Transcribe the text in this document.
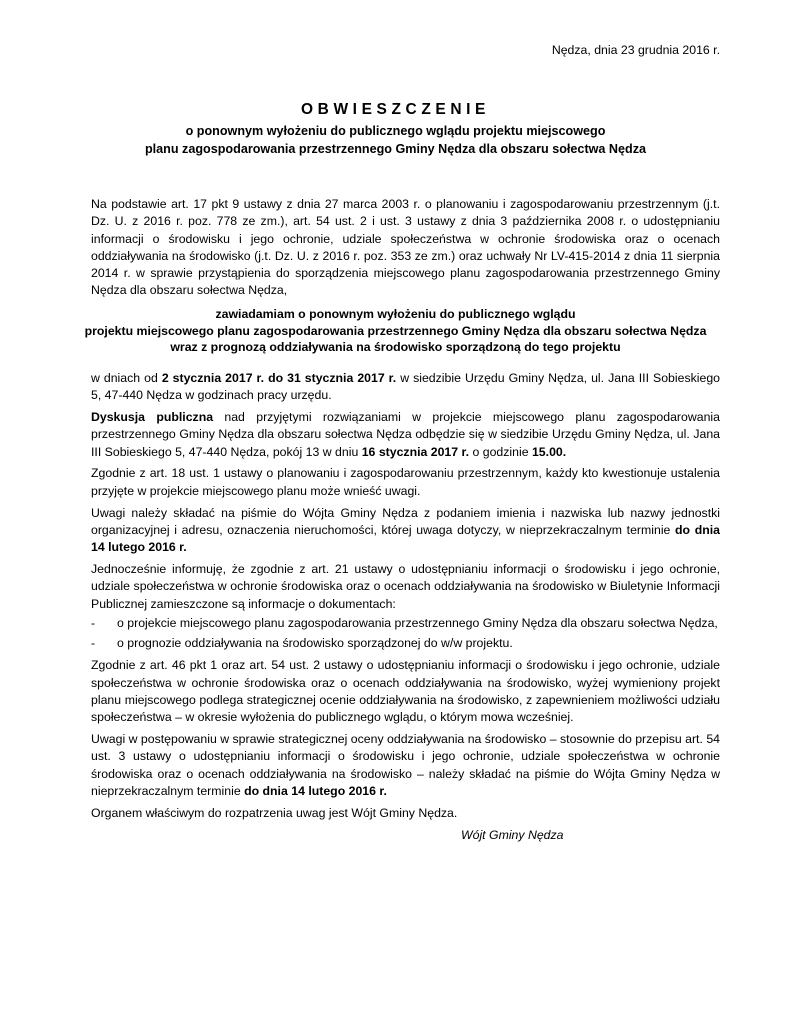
Nędza, dnia 23 grudnia 2016 r.
OBWIESZCZENIE
o ponownym wyłożeniu do publicznego wglądu projektu miejscowego
planu zagospodarowania przestrzennego Gminy Nędza dla obszaru sołectwa Nędza
Na podstawie art. 17 pkt 9 ustawy z dnia 27 marca 2003 r. o planowaniu i zagospodarowaniu przestrzennym (j.t. Dz. U. z 2016 r. poz. 778 ze zm.), art. 54 ust. 2 i ust. 3 ustawy z dnia 3 października 2008 r. o udostępnianiu informacji o środowisku i jego ochronie, udziale społeczeństwa w ochronie środowiska oraz o ocenach oddziaływania na środowisko (j.t. Dz. U. z 2016 r. poz. 353 ze zm.) oraz uchwały Nr LV-415-2014 z dnia 11 sierpnia 2014 r. w sprawie przystąpienia do sporządzenia miejscowego planu zagospodarowania przestrzennego Gminy Nędza dla obszaru sołectwa Nędza,
zawiadamiam o ponownym wyłożeniu do publicznego wglądu
projektu miejscowego planu zagospodarowania przestrzennego Gminy Nędza dla obszaru sołectwa Nędza
wraz z prognozą oddziaływania na środowisko sporządzoną do tego projektu

w dniach od 2 stycznia 2017 r. do 31 stycznia 2017 r. w siedzibie Urzędu Gminy Nędza, ul. Jana III Sobieskiego 5, 47-440 Nędza w godzinach pracy urzędu.

Dyskusja publiczna nad przyjętymi rozwiązaniami w projekcie miejscowego planu zagospodarowania przestrzennego Gminy Nędza dla obszaru sołectwa Nędza odbędzie się w siedzibie Urzędu Gminy Nędza, ul. Jana III Sobieskiego 5, 47-440 Nędza, pokój 13 w dniu 16 stycznia 2017 r. o godzinie 15.00.

Zgodnie z art. 18 ust. 1 ustawy o planowaniu i zagospodarowaniu przestrzennym, każdy kto kwestionuje ustalenia przyjęte w projekcie miejscowego planu może wnieść uwagi.

Uwagi należy składać na piśmie do Wójta Gminy Nędza z podaniem imienia i nazwiska lub nazwy jednostki organizacyjnej i adresu, oznaczenia nieruchomości, której uwaga dotyczy, w nieprzekraczalnym terminie do dnia 14 lutego 2016 r.

Jednocześnie informuję, że zgodnie z art. 21 ustawy o udostępnianiu informacji o środowisku i jego ochronie, udziale społeczeństwa w ochronie środowiska oraz o ocenach oddziaływania na środowisko w Biuletynie Informacji Publicznej zamieszczone są informacje o dokumentach:

-	o projekcie miejscowego planu zagospodarowania przestrzennego Gminy Nędza dla obszaru sołectwa Nędza,
-	o prognozie oddziaływania na środowisko sporządzonej do w/w projektu.

Zgodnie z art. 46 pkt 1 oraz art. 54 ust. 2 ustawy o udostępnianiu informacji o środowisku i jego ochronie, udziale społeczeństwa w ochronie środowiska oraz o ocenach oddziaływania na środowisko, wyżej wymieniony projekt planu miejscowego podlega strategicznej ocenie oddziaływania na środowisko, z zapewnieniem możliwości udziału społeczeństwa – w okresie wyłożenia do publicznego wglądu, o którym mowa wcześniej.

Uwagi w postępowaniu w sprawie strategicznej oceny oddziaływania na środowisko – stosownie do przepisu art. 54 ust. 3 ustawy o udostępnianiu informacji o środowisku i jego ochronie, udziale społeczeństwa w ochronie środowiska oraz o ocenach oddziaływania na środowisko – należy składać na piśmie do Wójta Gminy Nędza w nieprzekraczalnym terminie do dnia 14 lutego 2016 r.

Organem właściwym do rozpatrzenia uwag jest Wójt Gminy Nędza.

Wójt Gminy Nędza
